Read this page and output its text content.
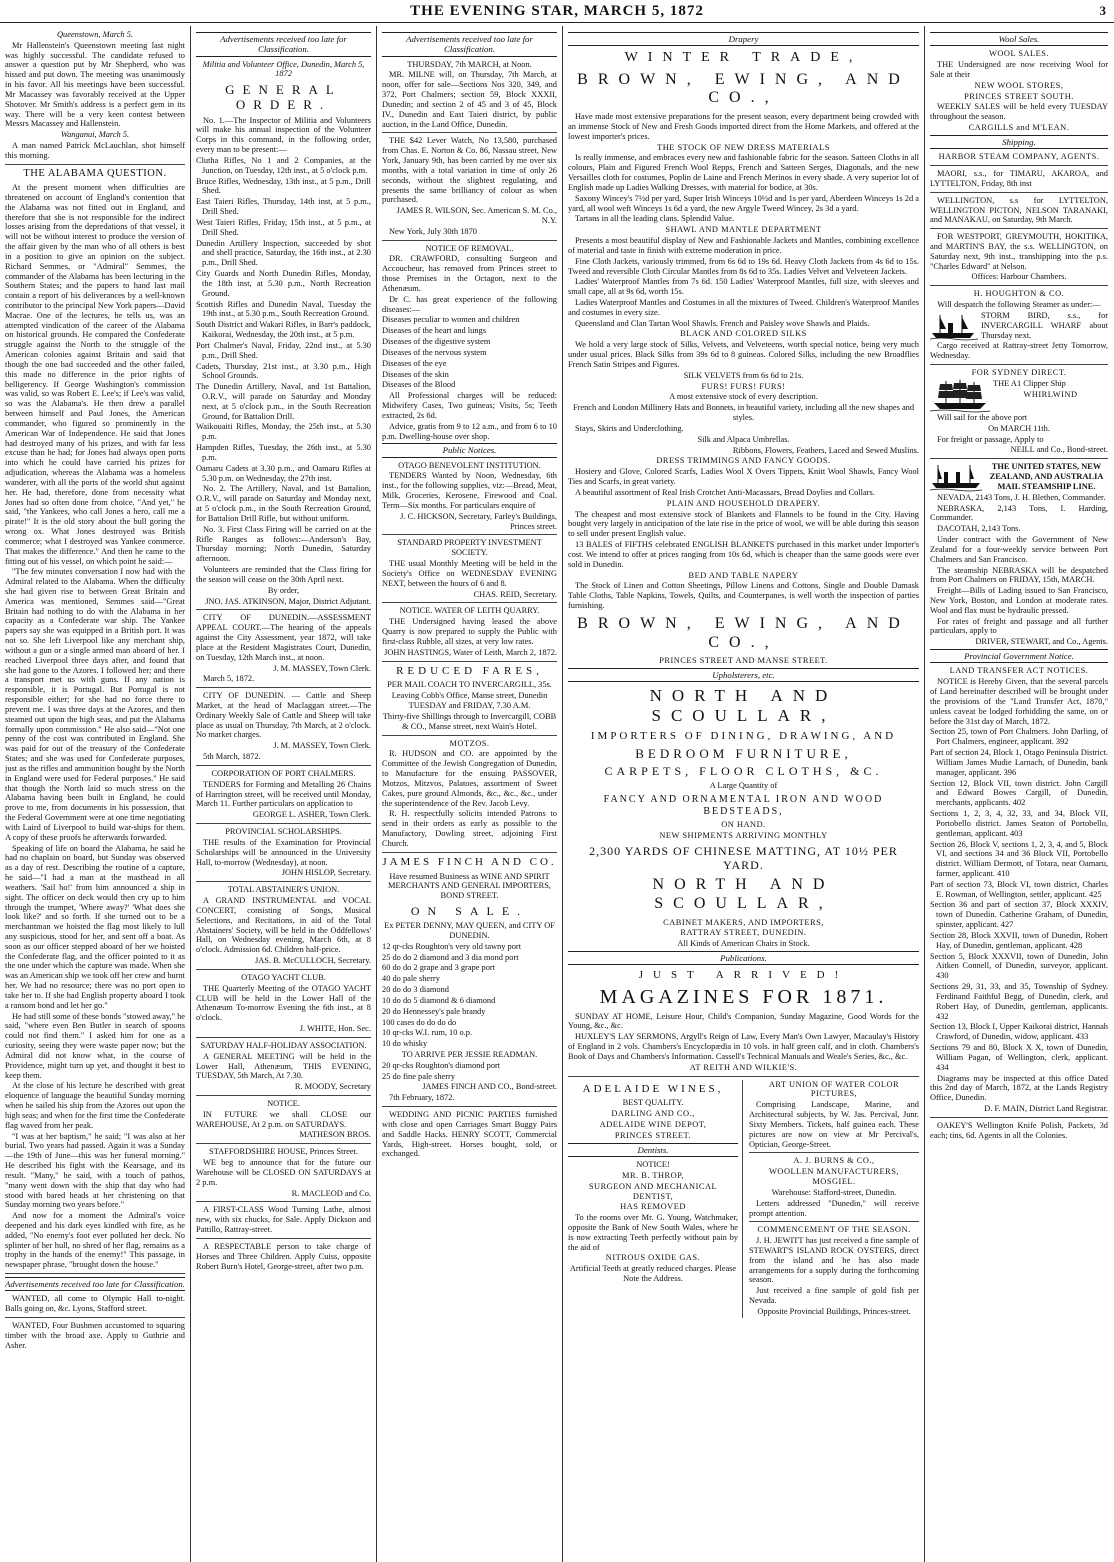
THE EVENING STAR, MARCH 5, 1872	3

Queenstown, March 5.

Mr Hallenstein's Queenstown meeting last night was highly successful. The candidate refused to answer a question put by Mr Shepherd, who was hissed and put down. The meeting was unanimously in his favor. All his meetings have been successful. Mr Macassey was favorably received at the Upper Shotover. Mr Smith's address is a perfect gem in its way. There will be a very keen contest between Messrs Macassey and Hallenstein.

Wanganui, March 5.

A man named Patrick McLauchlan, shot himself this morning.

THE ALABAMA QUESTION.

At the present moment when difficulties are threatened on account of England's contention that the Alabama was not fitted out in England, and therefore that she is not responsible for the indirect losses arising from the depredations of that vessel, it will not be without interest to produce the version of the affair given by the man who of all others is best in a position to give an opinion on the subject. Richard Semmes, or "Admiral" Semmes, the commander of the Alabama has been lecturing in the Southern States; and the papers to hand last mail contain a report of his deliverances by a well-known contributor to the principal New York papers—David Macrae. One of the lectures, he tells us, was an attempted vindication of the career of the Alabama on historical grounds. He compared the Confederate struggle against the North to the struggle of the American colonies against Britain and said that though the one had succeeded and the other failed, this made no difference in the prior rights of belligerency. If George Washington's commission was valid, so was Robert E. Lee's; if Lee's was valid, so was the Alabama's. He then drew a parallel between himself and Paul Jones, the American commander, who figured so prominently in the American War of Independence. He said that Jones had destroyed many of his prizes, and with far less excuse than he had; for Jones had always open ports into which he could have carried his prizes for adjudication, whereas the Alabama was a homeless wanderer, with all the ports of the world shut against her. He had, therefore, done from necessity what Jones had so often done from choice. "And yet," he said, "the Yankees, who call Jones a hero, call me a pirate!" It is the old story about the bull goring the wrong ox. What Jones destroyed was British commerce; what I destroyed was Yankee commerce. That makes the difference." And then he came to the fitting out of his vessel, on which point he said:—

"The few minutes conversation I now had with the Admiral related to the Alabama. When the difficulty she had given rise to between Great Britain and America was mentioned, Semmes said—"Great Britain had nothing to do with the Alabama in her capacity as a Confederate war ship. The Yankee papers say she was equipped in a British port. It was not so. She left Liverpool like any merchant ship, without a gun or a single armed man aboard of her. I reached Liverpool three days after, and found that she had gone to the Azores. I followed her; and there a transport met us with guns. If any nation is responsible, it is Portugal. But Portugal is not responsible either; for she had no force there to prevent me. I was three days at the Azores, and then steamed out upon the high seas, and put the Alabama formally upon commission." He also said—"Not one penny of the cost was contributed in England. She was paid for out of the treasury of the Confederate States; and she was used for Confederate purposes, just as the rifles and ammunition bought by the North in England were used for Federal purposes." He said that though the North laid so much stress on the Alabama having been built in England, he could prove to me, from documents in his possession, that the Federal Government were at one time negotiating with Laird of Liverpool to build war-ships for them. A copy of these proofs he afterwards forwarded.

Speaking of life on board the Alabama, he said he had no chaplain on board, but Sunday was observed as a day of rest. Describing the routine of a capture, he said—"I had a man at the masthead in all weathers. 'Sail ho!' from him announced a ship in sight. The officer on deck would then cry up to him through the trumpet, 'Where away?' 'What does she look like?' and so forth. If she turned out to be a merchantman we hoisted the flag most likely to lull any suspicious, stood for her, and sent off a boat. As soon as our officer stepped aboard of her we hoisted the Confederate flag, and the officer pointed to it as the one under which the capture was made. When she was an American ship we took off her crew and burnt her. We had no resource; there was no port open to take her to. If she had English property aboard I took a ransom bond and let her go."

He had still some of these bonds "stowed away," he said, "where even Ben Butler in search of spoons could not find them." I asked him for one as a curiosity, seeing they were waste paper now; but the Admiral did not know what, in the course of Providence, might turn up yet, and thought it best to keep them.

At the close of his lecture he described with great eloquence of language the beautiful Sunday morning when he sailed his ship from the Azores out upon the high seas; and when for the first time the Confederate flag waved from her peak.

"I was at her baptism," he said; "I was also at her burial. Two years had passed. Again it was a Sunday—the 19th of June—this was her funeral morning." He described his fight with the Kearsage, and its result. "Many," he said, with a touch of pathos, "many went down with the ship that day who had stood with bared heads at her christening on that Sunday morning two years before."

And now for a moment the Admiral's voice deepened and his dark eyes kindled with fire, as he added, "No enemy's foot ever polluted her deck. No splinter of her hull, no shred of her flag, remains as a trophy in the hands of the enemy!" This passage, in newspaper phrase, "brought down the house."

Advertisements received too late for Classification.

WANTED, all come to Olympic Hall to-night. Balls going on, &c. Lyons, Stafford street.

WANTED, Four Bushmen accustomed to squaring timber with the broad axe. Apply to Guthrie and Asher.

Advertisements received too late for Classification.

Militia and Volunteer Office, Dunedin, March 5, 1872

GENERAL ORDER.

No. 1.—The Inspector of Militia and Volunteers will make his annual inspection of the Volunteer Corps in this command, in the following order, every man to be present:—

Clutha Rifles, No 1 and 2 Companies, at the Junction, on Tuesday, 12th inst., at 5 o'clock p.m.

Bruce Rifles, Wednesday, 13th inst., at 5 p.m., Drill Shed.

East Taieri Rifles, Thursday, 14th inst, at 5 p.m., Drill Shed.

West Taieri Rifles, Friday, 15th inst., at 5 p.m., at Drill Shed.

Dunedin Artillery Inspection, succeeded by shot and shell practice, Saturday, the 16th inst., at 2.30 p.m., Drill Shed.

City Guards and North Dunedin Rifles, Monday, the 18th inst, at 5.30 p.m., North Recreation Ground.

Scottish Rifles and Dunedin Naval, Tuesday the 19th inst., at 5.30 p.m., South Recreation Ground.

South District and Wakari Rifles, in Barr's paddock, Kaikorai, Wednesday, the 20th inst., at 5 p.m.

Port Chalmer's Naval, Friday, 22nd inst., at 5.30 p.m., Drill Shed.

Cadets, Thursday, 21st inst., at 3.30 p.m., High School Grounds.

The Dunedin Artillery, Naval, and 1st Battalion, O.R.V., will parade on Saturday and Monday next, at 5 o'clock p.m., in the South Recreation Ground, for Battalion Drill.

Waikouaiti Rifles, Monday, the 25th inst., at 5.30 p.m.

Hampden Rifles, Tuesday, the 26th inst., at 5.30 p.m.

Oamaru Cadets at 3.30 p.m., and Oamaru Rifles at 5.30 p.m. on Wednesday, the 27th inst.

No. 2. The Artillery, Naval, and 1st Battalion, O.R.V., will parade on Saturday and Monday next, at 5 o'clock p.m., in the South Recreation Ground, for Battalion Drill Rifle, but without uniform.

No. 3. First Class Firing will be carried on at the Rifle Ranges as follows:—Anderson's Bay, Thursday morning; North Dunedin, Saturday afternoon.

Volunteers are reminded that the Class firing for the season will cease on the 30th April next.

By order,

JNO. JAS. ATKINSON, Major, District Adjutant.

CITY OF DUNEDIN.—ASSESSMENT APPEAL COURT.—The hearing of the appeals against the City Assessment, year 1872, will take place at the Resident Magistrates Court, Dunedin, on Tuesday, 12th March inst., at noon.

J. M. MASSEY, Town Clerk.

March 5, 1872.

CITY OF DUNEDIN. — Cattle and Sheep Market, at the head of Maclaggan street.—The Ordinary Weekly Sale of Cattle and Sheep will take place as usual on Thursday, 7th March, at 2 o'clock. No market charges.

J. M. MASSEY, Town Clerk.

5th March, 1872.

CORPORATION OF PORT CHALMERS.

TENDERS for Forming and Metalling 26 Chains of Harrington street, will be received until Monday, March 11. Further particulars on application to

GEORGE L. ASHER, Town Clerk.

PROVINCIAL SCHOLARSHIPS.

THE results of the Examination for Provincial Scholarships will be announced in the University Hall, to-morrow (Wednesday), at noon.

JOHN HISLOP, Secretary.

TOTAL ABSTAINER'S UNION.

A GRAND INSTRUMENTAL and VOCAL CONCERT, consisting of Songs, Musical Selections, and Recitations, in aid of the Total Abstainers' Society, will be held in the Oddfellows' Hall, on Wednesday evening, March 6th, at 8 o'clock. Admission 6d. Children half-price.

JAS. B. McCULLOCH, Secretary.

OTAGO YACHT CLUB.

THE Quarterly Meeting of the OTAGO YACHT CLUB will be held in the Lower Hall of the Athenæum To-morrow Evening the 6th inst., at 8 o'clock.

J. WHITE, Hon. Sec.

SATURDAY HALF-HOLIDAY ASSOCIATION.

A GENERAL MEETING will be held in the Lower Hall, Athenæum, THIS EVENING, TUESDAY, 5th March, At 7.30.

R. MOODY, Secretary

NOTICE.

IN FUTURE we shall CLOSE our WAREHOUSE, At 2 p.m. on SATURDAYS.

MATHESON BROS.

STAFFORDSHIRE HOUSE, Princes Street.

WE beg to announce that for the future our Warehouse will be CLOSED ON SATURDAYS at 2 p.m.

R. MACLEOD and Co.

A FIRST-CLASS Wood Turning Lathe, almost new, with six chucks, for Sale. Apply Dickson and Pattillo, Rattray-street.

A RESPECTABLE person to take charge of Horses and Three Children. Apply Cuiss, opposite Robert Burn's Hotel, George-street, after two p.m.

Advertisements received too late for Classification.

THURSDAY, 7th MARCH, at Noon.

MR. MILNE will, on Thursday, 7th March, at noon, offer for sale—Sections Nos 320, 349, and 372, Port Chalmers; section 59, Block XXXII, Dunedin; and section 2 of 45 and 3 of 45, Block IV., Dunedin and East Taieri district, by public auction, in the Land Office, Dunedin.

THE $42 Lever Watch, No 13,580, purchased from Chas. E. Norton & Co. 86, Nassau street, New York, January 9th, has been carried by me over six months, with a total variation in time of only 26 seconds, without the slightest regulating, and presents the same brilliancy of colour as when purchased.

JAMES R. WILSON, Sec. American S. M. Co., N.Y.

New York, July 30th 1870

NOTICE OF REMOVAL.

DR. CRAWFORD, consulting Surgeon and Accoucheur, has removed from Princes street to those Premises in the Octagon, next to the Athenæum.

Dr C. has great experience of the following diseases:—

Diseases peculiar to women and children

Diseases of the heart and lungs

Diseases of the digestive system

Diseases of the nervous system

Diseases of the eye

Diseases of the skin

Diseases of the Blood

All Professional charges will be reduced: Midwifery Cases, Two guineas; Visits, 5s; Teeth extracted, 2s 6d.

Advice, gratis from 9 to 12 a.m., and from 6 to 10 p.m. Dwelling-house over shop.

Public Notices.

OTAGO BENEVOLENT INSTITUTION.

TENDERS Wanted by Noon, Wednesday, 6th inst., for the following supplies, viz:—Bread, Meat, Milk, Groceries, Kerosene, Firewood and Coal. Term—Six months. For particulars enquire of

J. C. HICKSON, Secretary, Farley's Buildings, Princes street.

STANDARD PROPERTY INVESTMENT SOCIETY.

THE usual Monthly Meeting will be held in the Society's Office on WEDNESDAY EVENING NEXT, between the hours of 6 and 8.

CHAS. REID, Secretary.

NOTICE. WATER OF LEITH QUARRY.

THE Undersigned having leased the above Quarry is now prepared to supply the Public with first-class Rubble, all sizes, at very low rates.

JOHN HASTINGS, Water of Leith, March 2, 1872.

REDUCED FARES,

PER MAIL COACH TO INVERCARGILL, 35s.

Leaving Cobb's Office, Manse street, Dunedin TUESDAY and FRIDAY, 7.30 A.M.

Thirty-five Shillings through to Invercargill, COBB & CO., Manse street, next Wain's Hotel.

MOTZOS.

R. HUDSON and CO. are appointed by the Committee of the Jewish Congregation of Dunedin, to Manufacture for the ensuing PASSOVER, Motzos, Mitzvos, Palatoes, assortment of Sweet Cakes, pure ground Almonds, &c., &c., &c., under the superintendence of the Rev. Jacob Levy.

R. H. respectfully solicits intended Patrons to send in their orders as early as possible to the Manufactory, Dowling street, adjoining First Church.

JAMES FINCH AND CO.

Have resumed Business as WINE AND SPIRIT MERCHANTS AND GENERAL IMPORTERS, BOND STREET.

ON SALE.

Ex PETER DENNY, MAY QUEEN, and CITY OF DUNEDIN.

12 qr-cks Roughton's very old tawny port

25 do do 2 diamond and 3 dia mond port

60 do do 2 grape and 3 grape port

40 do pale sherry

20 do do 3 diamond

10 do do 5 diamond & 6 diamond

20 do Hennessey's pale brandy

100 cases do do do do

10 qr-cks W.I. rum, 10 o.p.

10 do whisky

TO ARRIVE PER JESSIE READMAN.

20 qr-cks Roughton's diamond port

25 do fine pale sherry

JAMES FINCH AND CO., Bond-street.

7th February, 1872.

WEDDING AND PICNIC PARTIES furnished with close and open Carriages Smart Buggy Pairs and Saddle Hacks. HENRY SCOTT, Commercial Yards, High-street. Horses bought, sold, or exchanged.

Drapery
WINTER TRADE,
BROWN, EWING, AND CO.,

Have made most extensive preparations for the present season, every department being crowded with an immense Stock of New and Fresh Goods imported direct from the Home Markets, and offered at the lowest importer's prices.

THE STOCK OF NEW DRESS MATERIALS

Is really immense, and embraces every new and fashionable fabric for the season. Satteen Cloths in all colours, Plain and Figured French Wool Repps, French and Satteen Serges, Diagonals, and the new Versailles cloth for costumes, Poplin de Laine and French Merinos in every shade. A very superior lot of English made up Ladies Walking Dresses, with material for bodice, at 30s.

Saxony Wincey's 7½d per yard, Super Irish Winceys 10½d and 1s per yard, Aberdeen Winceys 1s 2d a yard, all wool weft Winceys 1s 6d a yard, the new Argyle Tweed Wincey, 2s 3d a yard.

Tartans in all the leading clans. Splendid Value.

SHAWL AND MANTLE DEPARTMENT

Presents a most beautiful display of New and Fashionable Jackets and Mantles, combining excellence of material and taste in finish with extreme moderation in price.

Fine Cloth Jackets, variously trimmed, from 6s 6d to 19s 6d. Heavy Cloth Jackets from 4s 6d to 15s. Tweed and reversible Cloth Circular Mantles from 8s 6d to 35s. Ladies Velvet and Velveteen Jackets.

Ladies' Waterproof Mantles from 7s 6d. 150 Ladies' Waterproof Mantles, full size, with sleeves and small cape, all at 9s 6d, worth 15s.

Ladies Waterproof Mantles and Costumes in all the mixtures of Tweed. Children's Waterproof Mantles and costumes in every size.

Queensland and Clan Tartan Wool Shawls. French and Paisley wove Shawls and Plaids.

BLACK AND COLORED SILKS

We hold a very large stock of Silks, Velvets, and Velveteens, worth special notice, being very much under usual prices. Black Silks from 39s 6d to 8 guineas. Colored Silks, including the new Broadflies French Satin Stripes and Figures.

SILK VELVETS from 6s 6d to 21s.

FURS! FURS! FURS!

A most extensive stock of every description.

French and London Millinery Hats and Bonnets, in beautiful variety, including all the new shapes and styles.

Stays, Skirts and Underclothing.

Silk and Alpaca Umbrellas.

Ribbons, Flowers, Feathers, Laced and Sewed Muslins.

DRESS TRIMMINGS AND FANCY GOODS.

Hosiery and Glove, Colored Scarfs, Ladies Wool X Overs Tippets, Knitt Wool Shawls, Fancy Wool Ties and Scarfs, in great variety.

A beautiful assortment of Real Irish Crotchet Anti-Macassars, Bread Doylies and Collars.

PLAIN AND HOUSEHOLD DRAPERY.

The cheapest and most extensive stock of Blankets and Flannels to be found in the City. Having bought very largely in anticipation of the late rise in the price of wool, we will be able during this season to sell under present English value.

13 BALES of FIFTHS celebrated ENGLISH BLANKETS purchased in this market under Importer's cost. We intend to offer at prices ranging from 10s 6d, which is cheaper than the same goods were ever sold in Dunedin.

BED AND TABLE NAPERY

The Stock of Linen and Cotton Sheetings, Pillow Linens and Cottons, Single and Double Damask Table Cloths, Table Napkins, Towels, Quilts, and Counterpanes, is well worth the inspection of parties furnishing.

BROWN, EWING, AND CO.,

PRINCES STREET AND MANSE STREET.

Upholsterers, etc.
NORTH AND SCOULLAR,
IMPORTERS OF DINING, DRAWING, AND
BEDROOM FURNITURE,
CARPETS, FLOOR CLOTHS, &C.

A Large Quantity of

FANCY AND ORNAMENTAL IRON AND WOOD BEDSTEADS,

ON HAND.

NEW SHIPMENTS ARRIVING MONTHLY

2,300 YARDS OF CHINESE MATTING, AT 10½ PER YARD.
NORTH AND SCOULLAR,

CABINET MAKERS, AND IMPORTERS,

RATTRAY STREET, DUNEDIN.

All Kinds of American Chairs in Stock.

Publications.
JUST ARRIVED!
MAGAZINES FOR 1871.

SUNDAY AT HOME, Leisure Hour, Child's Companion, Sunday Magazine, Good Words for the Young, &c., &c.

HUXLEY'S LAY SERMONS, Argyll's Reign of Law, Every Man's Own Lawyer, Macaulay's History of England in 2 vols. Chambers's Encyclopædia in 10 vols. in half green calf, and in cloth. Chambers's Book of Days and Chambers's Information. Cassell's Technical Manuals and Weale's Series, &c., &c.

AT REITH AND WILKIE'S.

ADELAIDE WINES,

BEST QUALITY.

DARLING AND CO.,

ADELAIDE WINE DEPOT,

PRINCES STREET.

Dentists.

NOTICE!

MR. B. THROP,

SURGEON AND MECHANICAL DENTIST,

HAS REMOVED

To the rooms over Mr. G. Young, Watchmaker, opposite the Bank of New South Wales, where he is now extracting Teeth perfectly without pain by the aid of

NITROUS OXIDE GAS.

Artificial Teeth at greatly reduced charges. Please Note the Address.

ART UNION OF WATER COLOR PICTURES,

Comprising Landscape, Marine, and Architectural subjects, by W. Jas. Percival, Junr. Sixty Members. Tickets, half guinea each. These pictures are now on view at Mr Percival's, Optician, George-Street.

A. J. BURNS & CO.,

WOOLLEN MANUFACTURERS, MOSGIEL.

Warehouse: Stafford-street, Dunedin.

Letters addressed "Dunedin," will receive prompt attention.

COMMENCEMENT OF THE SEASON.

J. H. JEWITT has just received a fine sample of STEWART'S ISLAND ROCK OYSTERS, direct from the island and he has also made arrangements for a supply during the forthcoming season.

Just received a fine sample of gold fish per Nevada.

Opposite Provincial Buildings, Princes-street.

Wool Sales.

WOOL SALES.

THE Undersigned are now receiving Wool for Sale at their

NEW WOOL STORES,

PRINCES STREET SOUTH.

WEEKLY SALES will be held every TUESDAY throughout the season.

CARGILLS and M'LEAN.

Shipping.

HARBOR STEAM COMPANY, AGENTS.

MAORI, s.s., for TIMARU, AKAROA, and LYTTELTON, Friday, 8th inst

WELLINGTON, s.s for LYTTELTON, WELLINGTON PICTON, NELSON TARANAKI, and MANAKAU, on Saturday, 9th March.

FOR WESTPORT, GREYMOUTH, HOKITIKA, and MARTIN'S BAY, the s.s. WELLINGTON, on Saturday next, 9th inst., transhipping into the p.s. "Charles Edward" at Nelson.

Offices: Harbour Chambers.

H. HOUGHTON & CO.

Will despatch the following Steamer as under:—

STORM BIRD, s.s., for INVERCARGILL WHARF about Thursday next.

Cargo received at Rattray-street Jetty Tomorrow, Wednesday.

FOR SYDNEY DIRECT.

THE A1 Clipper Ship

WHIRLWIND

Will sail for the above port

On MARCH 11th.

For freight or passage, Apply to

NEILL and Co., Bond-street.

THE UNITED STATES, NEW ZEALAND, AND AUSTRALIA MAIL STEAMSHIP LINE.

NEVADA, 2143 Tons, J. H. Blethen, Commander.

NEBRASKA, 2,143 Tons, I. Harding, Commander.

DACOTAH, 2,143 Tons.

Under contract with the Government of New Zealand for a four-weekly service between Port Chalmers and San Francisco.

The steamship NEBRASKA will be despatched from Port Chalmers on FRIDAY, 15th, MARCH.

Freight—Bills of Lading issued to San Francisco, New York, Boston, and London at moderate rates. Wool and flax must be hydraulic pressed.

For rates of freight and passage and all further particulars, apply to

DRIVER, STEWART, and Co., Agents.

Provincial Government Notice.

LAND TRANSFER ACT NOTICES.

NOTICE is Hereby Given, that the several parcels of Land hereinafter described will be brought under the provisions of the "Land Transfer Act, 1870," unless caveat be lodged forbidding the same, on or before the 31st day of March, 1872.

Section 25, town of Port Chalmers. John Darling, of Port Chalmers, engineer, applicant. 392

Part of section 24, Block 1, Otago Peninsula District. William James Mudie Larnach, of Dunedin, bank manager, applicant. 396

Section 12, Block VII, town district. John Cargill and Edward Bowes Cargill, of Dunedin, merchants, applicants. 402

Sections 1, 2, 3, 4, 32, 33, and 34, Block VII, Portobello district. James Seaton of Portobello, gentleman, applicant. 403

Section 26, Block V, sections 1, 2, 3, 4, and 5, Block VI, and sections 34 and 36 Block VII, Portobello district. William Dermott, of Totara, near Oamaru, farmer, applicant. 410

Part of section 73, Block VI, town district, Charles E. Rowman, of Wellington, settler, applicant. 425

Section 36 and part of section 37, Block XXXIV, town of Dunedin. Catherine Graham, of Dunedin, spinster, applicant. 427

Section 28, Block XXVII, town of Dunedin, Robert Hay, of Dunedin, gentleman, applicant. 428

Section 5, Block XXXVII, town of Dunedin, John Aitken Connell, of Dunedin, surveyor, applicant. 430

Sections 29, 31, 33, and 35, Township of Sydney. Ferdinand Faithful Begg, of Dunedin, clerk, and Robert Hay, of Dunedin, gentleman, applicants. 432

Section 13, Block I, Upper Kaikorai district, Hannah Crawford, of Dunedin, widow, applicant. 433

Sections 79 and 80, Block X X, town of Dunedin, William Pagan, of Wellington, clerk, applicant. 434

Diagrams may be inspected at this office Dated this 2nd day of March, 1872, at the Lands Registry Office, Dunedin.

D. F. MAIN, District Land Registrar.

OAKEY'S Wellington Knife Polish, Packets, 3d each; tins, 6d. Agents in all the Colonies.
